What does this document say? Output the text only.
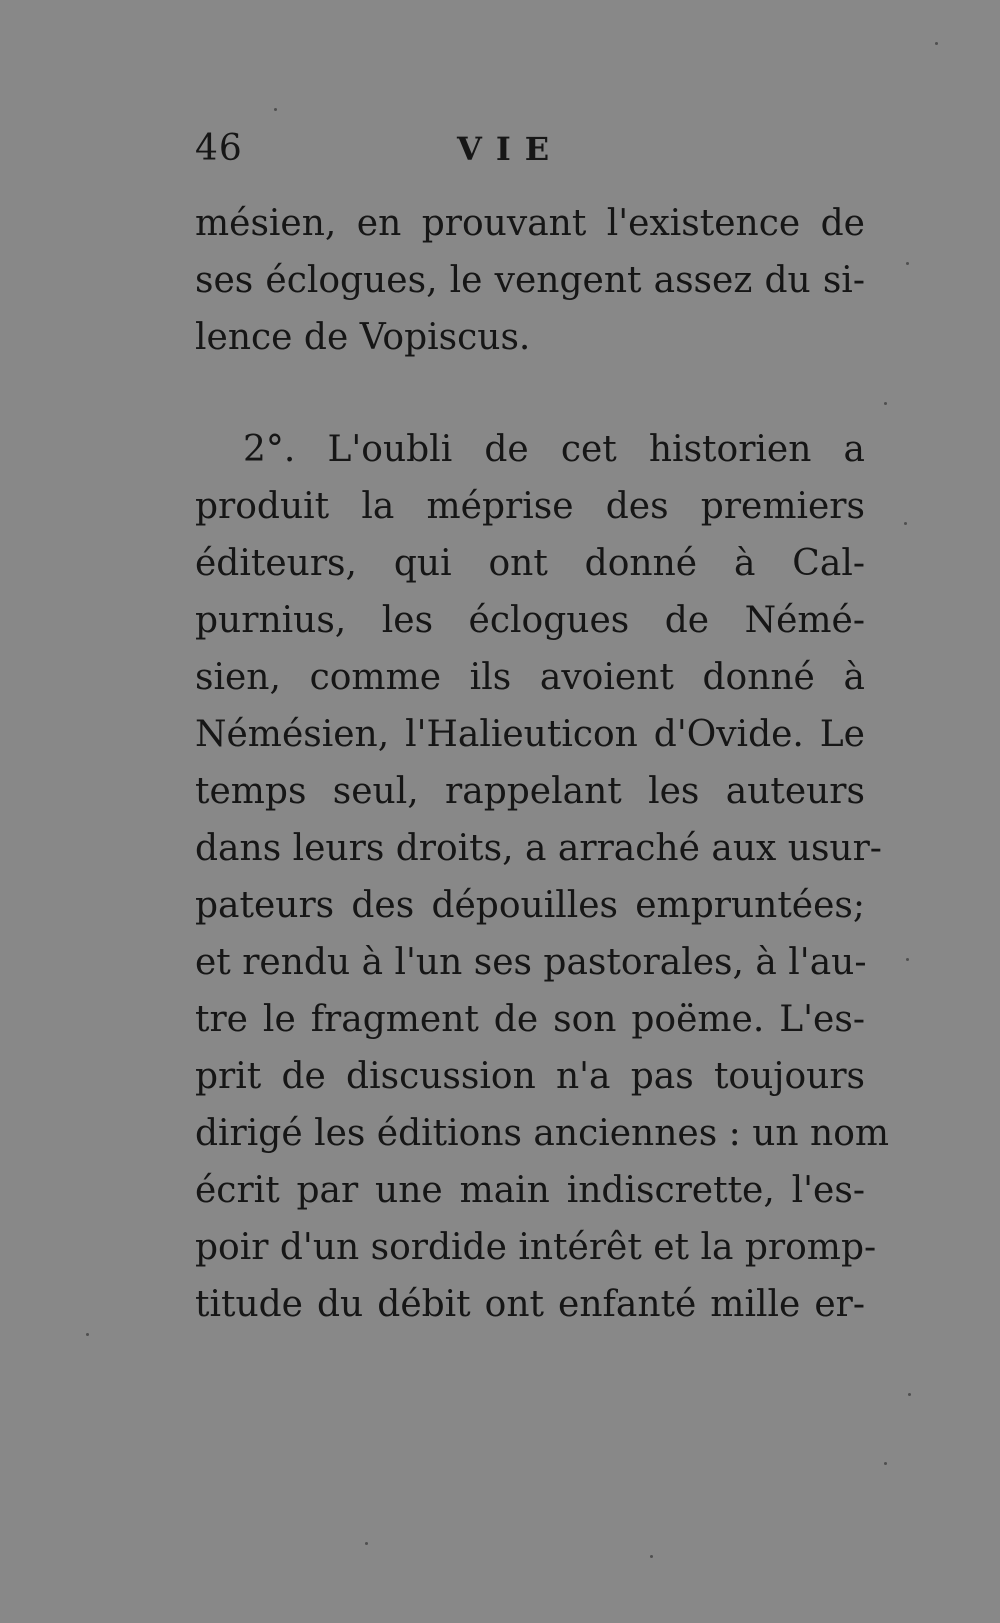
46	VIE
mésien, en prouvant l'existence de
ses éclogues, le vengent assez du si-
lence de Vopiscus.
2°. L'oubli de cet historien a
produit la méprise des premiers
éditeurs, qui ont donné à Cal-
purnius, les éclogues de Némé-
sien, comme ils avoient donné à
Némésien, l'Halieuticon d'Ovide. Le
temps seul, rappelant les auteurs
dans leurs droits, a arraché aux usur-
pateurs des dépouilles empruntées;
et rendu à l'un ses pastorales, à l'au-
tre le fragment de son poëme. L'es-
prit de discussion n'a pas toujours
dirigé les éditions anciennes : un nom
écrit par une main indiscrette, l'es-
poir d'un sordide intérêt et la promp-
titude du débit ont enfanté mille er-
